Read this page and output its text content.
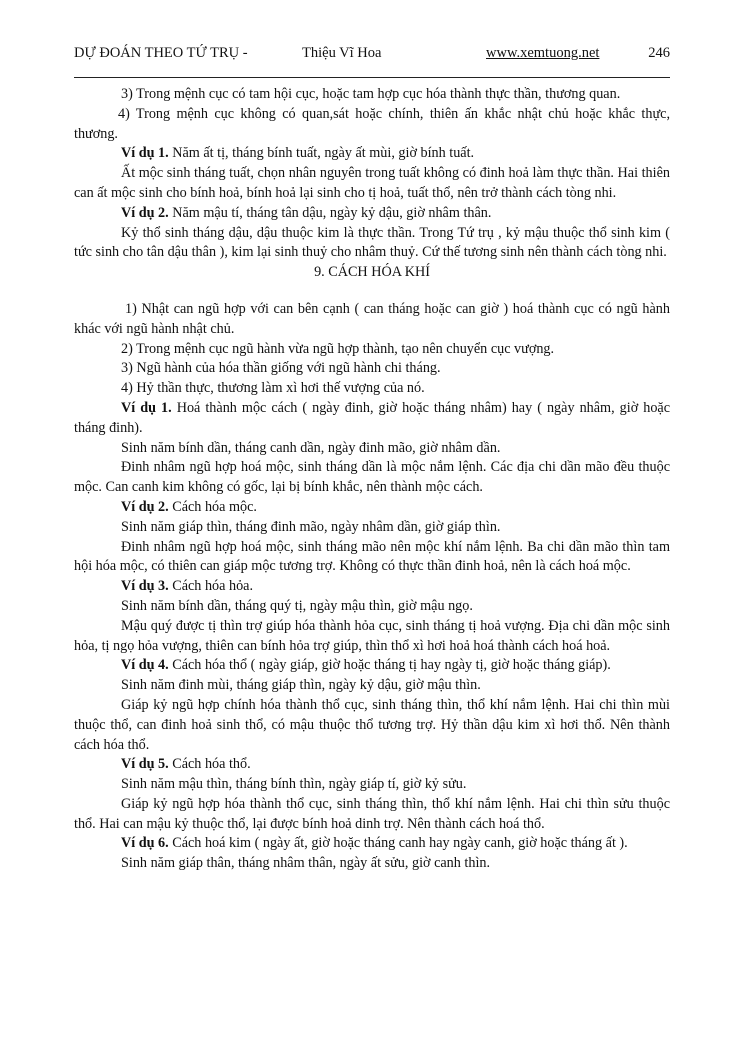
DỰ ĐOÁN THEO TỨ TRỤ -	Thiệu Vĩ Hoa	www.xemtuong.net	246

3) Trong mệnh cục có tam hội cục, hoặc tam hợp cục hóa thành thực thần, thương quan.

4) Trong mệnh cục không có quan,sát hoặc chính, thiên ấn khắc nhật chủ hoặc khắc thực, thương.

Ví dụ 1. Năm ất tị, tháng bính tuất, ngày ất mùi, giờ bính tuất.

Ất mộc sinh tháng tuất, chọn nhân nguyên trong tuất không có đinh hoả làm thực thần. Hai thiên can ất mộc sinh cho bính hoả, bính hoả lại sinh cho tị hoả, tuất thổ, nên trở thành cách tòng nhi.

Ví dụ 2. Năm mậu tí, tháng tân dậu, ngày kỷ dậu, giờ nhâm thân.

Kỷ thổ sinh tháng dậu, dậu thuộc kim là thực thần. Trong Tứ trụ , kỷ mậu thuộc thổ sinh kim ( tức sinh cho tân dậu thân ), kim lại sinh thuỷ cho nhâm thuỷ. Cứ thế tương sinh nên thành cách tòng nhi.

9. CÁCH HÓA KHÍ

1) Nhật can ngũ hợp với can bên cạnh ( can tháng hoặc can giờ ) hoá thành cục có ngũ hành khác với ngũ hành nhật chủ.

2) Trong mệnh cục ngũ hành vừa ngũ hợp thành, tạo nên chuyển cục vượng.

3) Ngũ hành của hóa thần giống với ngũ hành chi tháng.

4) Hỷ thần thực, thương làm xì hơi thế vượng của nó.

Ví dụ 1. Hoá thành mộc cách ( ngày đinh, giờ hoặc tháng nhâm) hay ( ngày nhâm, giờ hoặc tháng đinh).

Sinh năm bính dần, tháng canh dần, ngày đinh mão, giờ nhâm dần.

Đinh nhâm ngũ hợp hoá mộc, sinh tháng dần là mộc nắm lệnh. Các địa chi dần mão đều thuộc mộc. Can canh kim không có gốc, lại bị bính khắc, nên thành mộc cách.

Ví dụ 2. Cách hóa mộc.

Sinh năm giáp thìn, tháng đinh mão, ngày nhâm dần, giờ giáp thìn.

Đinh nhâm ngũ hợp hoá mộc, sinh tháng mão nên mộc khí nắm lệnh. Ba chi dần mão thìn tam hội hóa mộc, có thiên can giáp mộc tương trợ. Không có thực thần đinh hoả, nên là cách hoá mộc.

Ví dụ 3. Cách hóa hỏa.

Sinh năm bính dần, tháng quý tị, ngày mậu thìn, giờ mậu ngọ.

Mậu quý được tị thìn trợ giúp hóa thành hỏa cục, sinh tháng tị hoả vượng. Địa chi dần mộc sinh hỏa, tị ngọ hỏa vượng, thiên can bính hỏa trợ giúp, thìn thổ xì hơi hoả hoá thành cách hoá hoả.

Ví dụ 4. Cách hóa thổ ( ngày giáp, giờ hoặc tháng tị hay ngày tị, giờ hoặc tháng giáp).

Sinh năm đinh mùi, tháng giáp thìn, ngày kỷ dậu, giờ mậu thìn.

Giáp kỷ ngũ hợp chính hóa thành thổ cục, sinh tháng thìn, thổ khí nắm lệnh. Hai chi thìn mùi thuộc thổ, can đinh hoả sinh thổ, có mậu thuộc thổ tương trợ. Hỷ thần dậu kim xì hơi thổ. Nên thành cách hóa thổ.

Ví dụ 5. Cách hóa thổ.

Sinh năm mậu thìn, tháng bính thìn, ngày giáp tí, giờ kỷ sửu.

Giáp kỷ ngũ hợp hóa thành thổ cục, sinh tháng thìn, thổ khí nắm lệnh. Hai chi thìn sửu thuộc thổ. Hai can mậu kỷ thuộc thổ, lại được bính hoả dinh trợ. Nên thành cách hoá thổ.

Ví dụ 6. Cách hoá kim ( ngày ất, giờ hoặc tháng canh hay ngày canh, giờ hoặc tháng ất ).

Sinh năm giáp thân, tháng nhâm thân, ngày ất sửu, giờ canh thìn.
